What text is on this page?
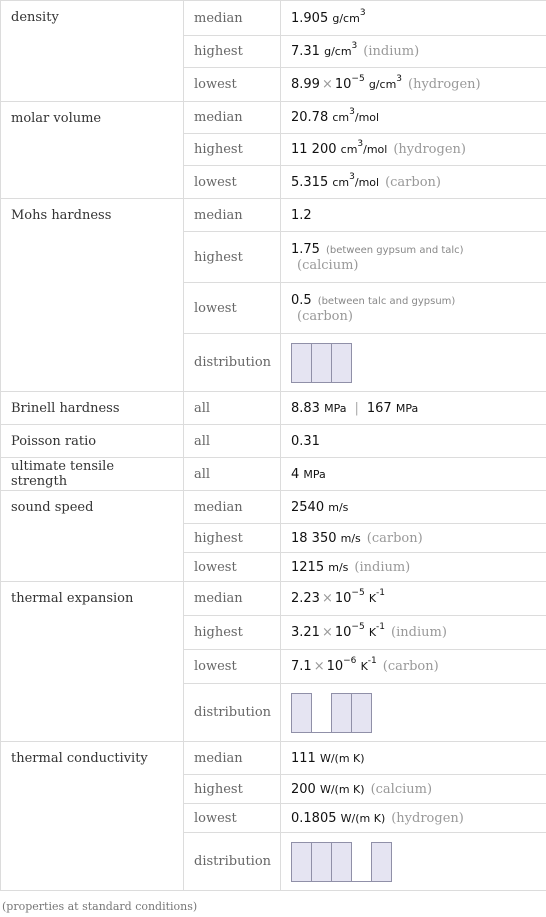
density	median	1.905 $g/cm^3$
	highest	7.31 $g/cm^3$ (indium)
	lowest	$8.99 \times 10^{-5}$ $g/cm^3$ (hydrogen)
molar volume	median	20.78 $cm^3$/mol
	highest	11 200 $cm^3$/mol (hydrogen)
	lowest	5.315 $cm^3$/mol (carbon)
Mohs hardness	median	1.2
	highest	1.75 (between gypsum and talc)
(calcium)

	lowest	0.5 (between talc and gypsum)
(carbon)

	distribution	

Brinell hardness	all	8.83 MPa | 167 MPa
Poisson ratio	all	0.31
ultimate tensile strength	all	4 MPa
sound speed	median	2540 m/s
	highest	18 350 m/s (carbon)
	lowest	1215 m/s (indium)
thermal expansion	median	$2.23 \times 10^{-5}$ $K^{-1}$
	highest	$3.21 \times 10^{-5}$ $K^{-1}$ (indium)
	lowest	$7.1 \times 10^{-6}$ $K^{-1}$ (carbon)
	distribution	

thermal conductivity	median	111 W/(m K)
	highest	200 W/(m K) (calcium)
	lowest	0.1805 W/(m K) (hydrogen)
	distribution	
(properties at standard conditions)
